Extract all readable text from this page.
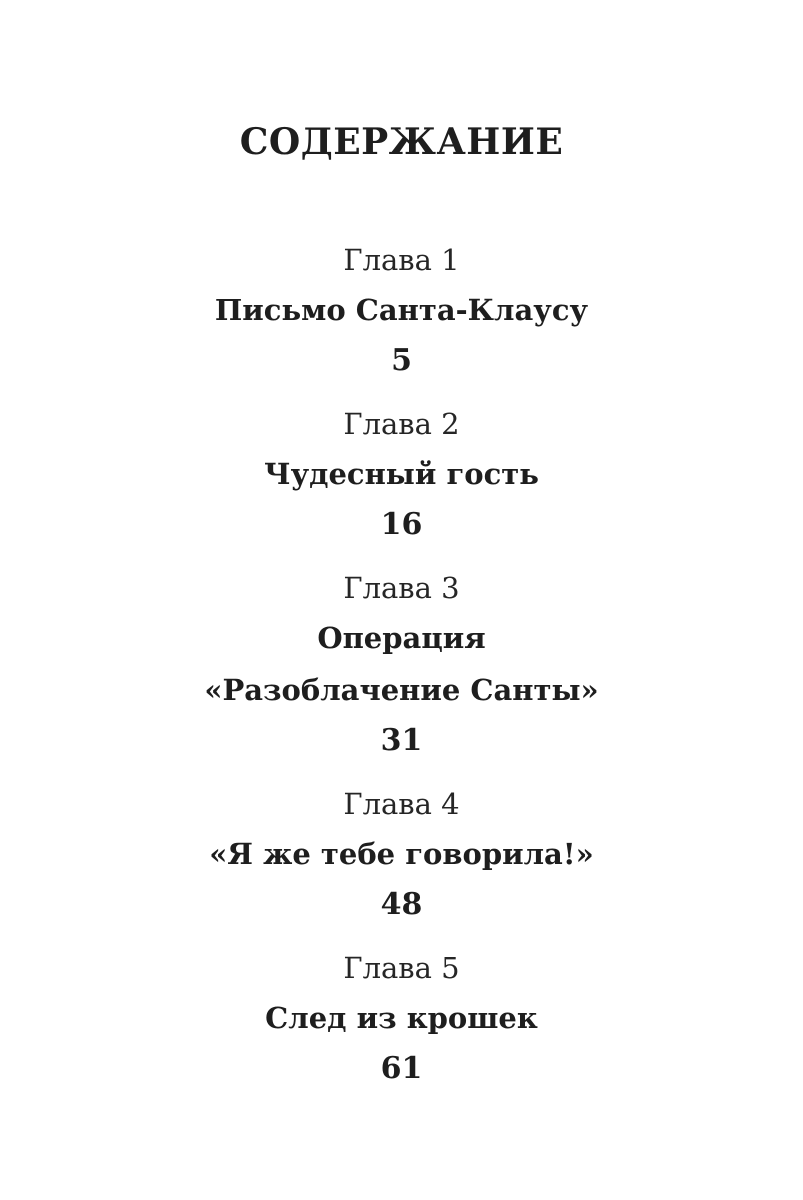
СОДЕРЖАНИЕ
Глава 1
Письмо Санта-Клаусу
5
Глава 2
Чудесный гость
16
Глава 3
Операция
«Разоблачение Санты»
31
Глава 4
«Я же тебе говорила!»
48
Глава 5
След из крошек
61
